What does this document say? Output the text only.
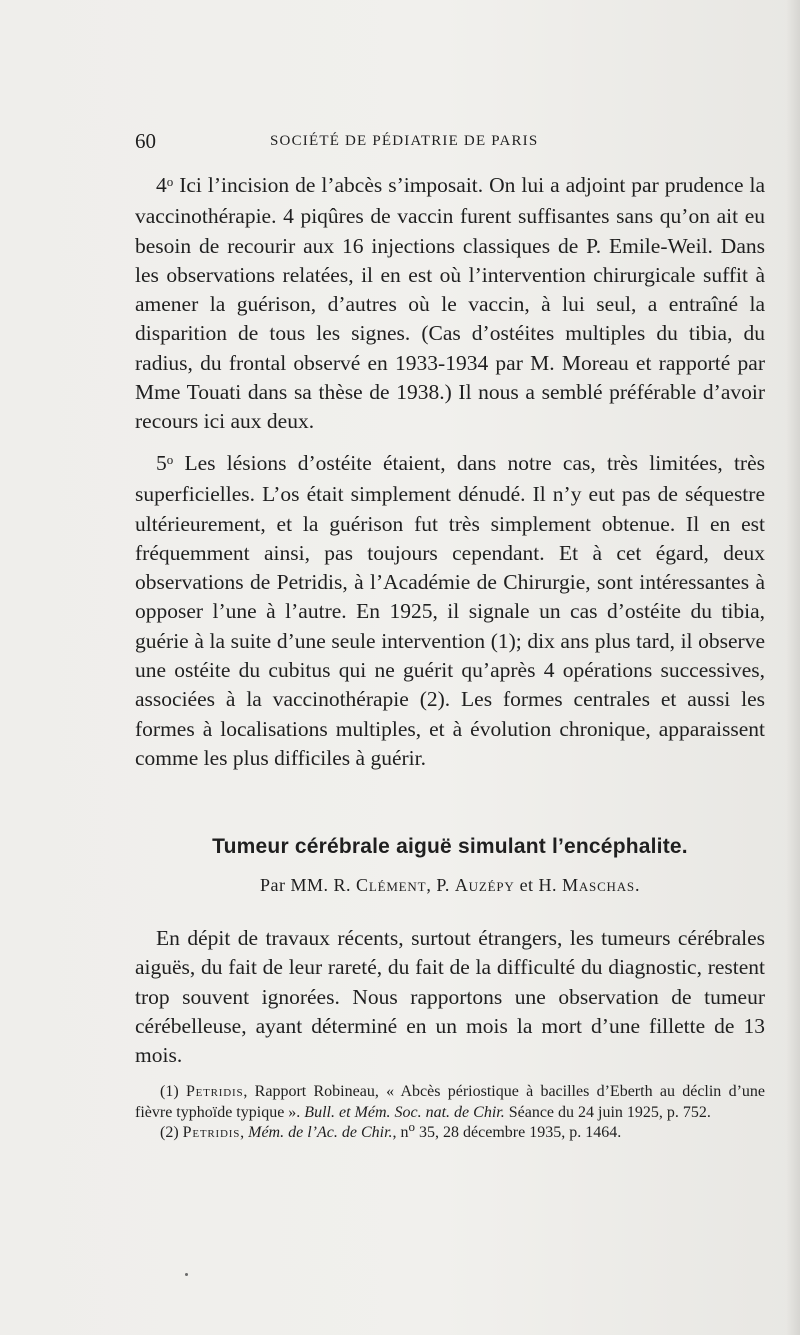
60	SOCIÉTÉ DE PÉDIATRIE DE PARIS

4$^o$ Ici l’incision de l’abcès s’imposait. On lui a adjoint par prudence la vaccinothérapie. 4 piqûres de vaccin furent suffisantes sans qu’on ait eu besoin de recourir aux 16 injections classiques de P. Emile-Weil. Dans les observations relatées, il en est où l’intervention chirurgicale suffit à amener la guérison, d’autres où le vaccin, à lui seul, a entraîné la disparition de tous les signes. (Cas d’ostéites multiples du tibia, du radius, du frontal observé en 1933-1934 par M. Moreau et rapporté par Mme Touati dans sa thèse de 1938.) Il nous a semblé préférable d’avoir recours ici aux deux.

5$^o$ Les lésions d’ostéite étaient, dans notre cas, très limitées, très superficielles. L’os était simplement dénudé. Il n’y eut pas de séquestre ultérieurement, et la guérison fut très simplement obtenue. Il en est fréquemment ainsi, pas toujours cependant. Et à cet égard, deux observations de Petridis, à l’Académie de Chirurgie, sont intéressantes à opposer l’une à l’autre. En 1925, il signale un cas d’ostéite du tibia, guérie à la suite d’une seule intervention (1); dix ans plus tard, il observe une ostéite du cubitus qui ne guérit qu’après 4 opérations successives, associées à la vaccinothérapie (2). Les formes centrales et aussi les formes à localisations multiples, et à évolution chronique, apparaissent comme les plus difficiles à guérir.

Tumeur cérébrale aiguë simulant l’encéphalite.
Par MM. R. Clément, P. Auzépy et H. Maschas.

En dépit de travaux récents, surtout étrangers, les tumeurs cérébrales aiguës, du fait de leur rareté, du fait de la difficulté du diagnostic, restent trop souvent ignorées. Nous rapportons une observation de tumeur cérébelleuse, ayant déterminé en un mois la mort d’une fillette de 13 mois.

(1) Petridis, Rapport Robineau, « Abcès périostique à bacilles d’Eberth au déclin d’une fièvre typhoïde typique ». Bull. et Mém. Soc. nat. de Chir. Séance du 24 juin 1925, p. 752.

(2) Petridis, Mém. de l’Ac. de Chir., $n^o$ 35, 28 décembre 1935, p. 1464.
